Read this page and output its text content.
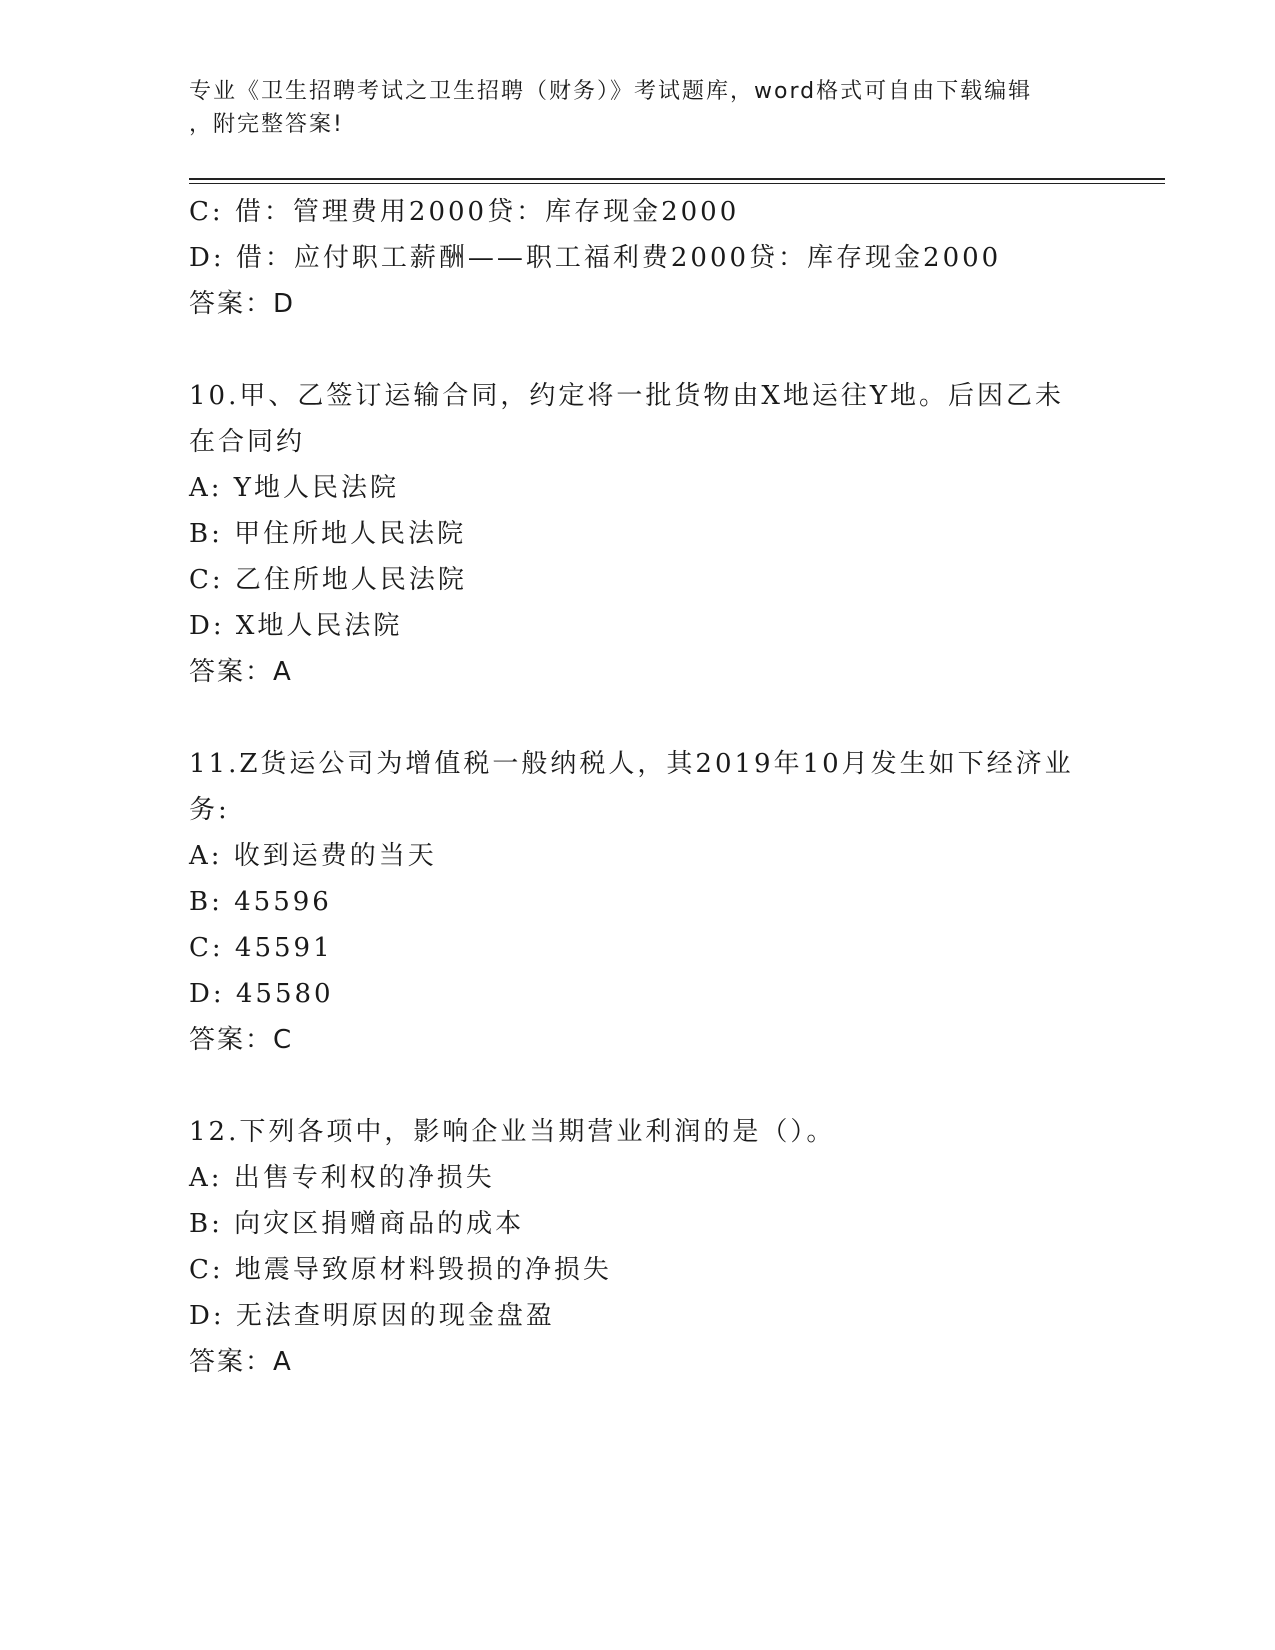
专业《卫生招聘考试之卫生招聘（财务）》考试题库，word格式可自由下载编辑
，附完整答案!
C: 借：管理费用2000贷：库存现金2000
D: 借：应付职工薪酬——职工福利费2000贷：库存现金2000
答案：D
10.甲、乙签订运输合同，约定将一批货物由X地运往Y地。后因乙未
在合同约
A: Y地人民法院
B: 甲住所地人民法院
C: 乙住所地人民法院
D: X地人民法院
答案：A
11.Z货运公司为增值税一般纳税人，其2019年10月发生如下经济业
务:
A: 收到运费的当天
B: 45596
C: 45591
D: 45580
答案：C
12.下列各项中，影响企业当期营业利润的是（）。
A: 出售专利权的净损失
B: 向灾区捐赠商品的成本
C: 地震导致原材料毁损的净损失
D: 无法查明原因的现金盘盈
答案：A
